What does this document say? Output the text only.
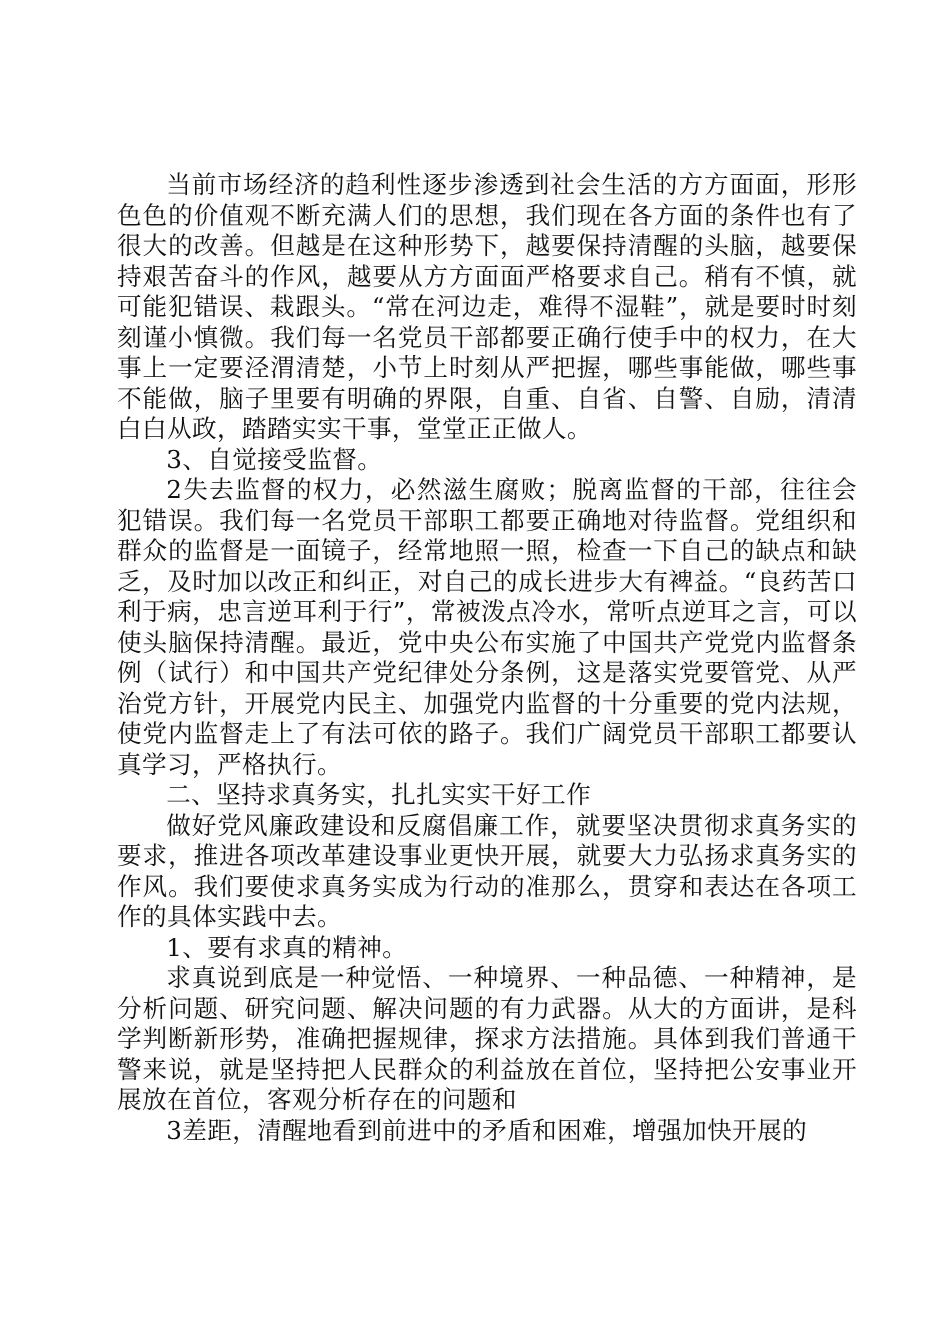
当前市场经济的趋利性逐步渗透到社会生活的方方面面，形形色色的价值观不断充满人们的思想，我们现在各方面的条件也有了很大的改善。但越是在这种形势下，越要保持清醒的头脑，越要保持艰苦奋斗的作风，越要从方方面面严格要求自己。稍有不慎，就可能犯错误、栽跟头。“常在河边走，难得不湿鞋”，就是要时时刻刻谨小慎微。我们每一名党员干部都要正确行使手中的权力，在大事上一定要泾渭清楚，小节上时刻从严把握，哪些事能做，哪些事不能做，脑子里要有明确的界限，自重、自省、自警、自励，清清白白从政，踏踏实实干事，堂堂正正做人。

3、自觉接受监督。

2失去监督的权力，必然滋生腐败；脱离监督的干部，往往会犯错误。我们每一名党员干部职工都要正确地对待监督。党组织和群众的监督是一面镜子，经常地照一照，检查一下自己的缺点和缺乏，及时加以改正和纠正，对自己的成长进步大有裨益。“良药苦口利于病，忠言逆耳利于行”，常被泼点冷水，常听点逆耳之言，可以使头脑保持清醒。最近，党中央公布实施了中国共产党党内监督条例（试行）和中国共产党纪律处分条例，这是落实党要管党、从严治党方针，开展党内民主、加强党内监督的十分重要的党内法规，使党内监督走上了有法可依的路子。我们广阔党员干部职工都要认真学习，严格执行。

二、坚持求真务实，扎扎实实干好工作

做好党风廉政建设和反腐倡廉工作，就要坚决贯彻求真务实的要求，推进各项改革建设事业更快开展，就要大力弘扬求真务实的作风。我们要使求真务实成为行动的准那么，贯穿和表达在各项工作的具体实践中去。

1、要有求真的精神。

求真说到底是一种觉悟、一种境界、一种品德、一种精神，是分析问题、研究问题、解决问题的有力武器。从大的方面讲，是科学判断新形势，准确把握规律，探求方法措施。具体到我们普通干警来说，就是坚持把人民群众的利益放在首位，坚持把公安事业开展放在首位，客观分析存在的问题和

3差距，清醒地看到前进中的矛盾和困难，增强加快开展的
